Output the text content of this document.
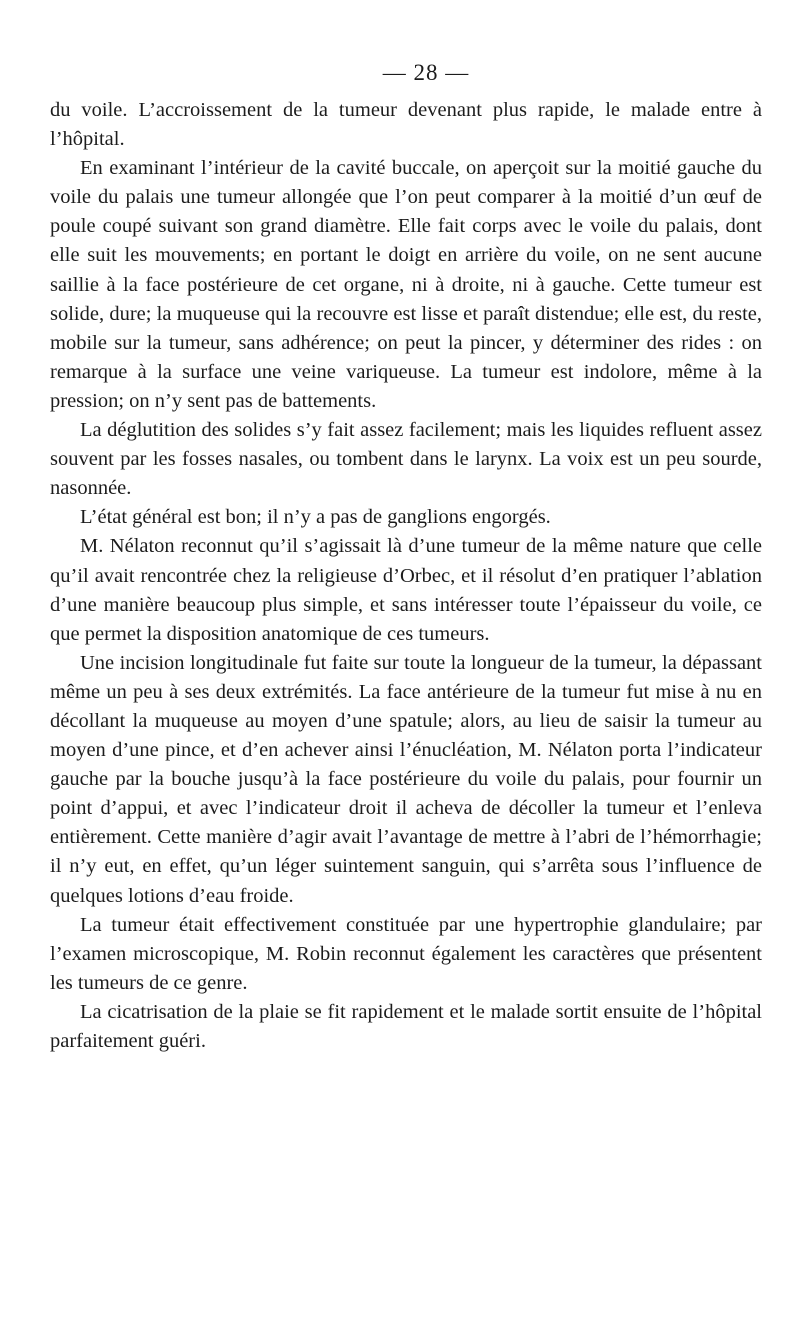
— 28 —

du voile. L’accroissement de la tumeur devenant plus rapide, le malade entre à l’hôpital.

En examinant l’intérieur de la cavité buccale, on aperçoit sur la moitié gauche du voile du palais une tumeur allongée que l’on peut comparer à la moitié d’un œuf de poule coupé suivant son grand diamètre. Elle fait corps avec le voile du palais, dont elle suit les mouvements; en portant le doigt en arrière du voile, on ne sent aucune saillie à la face postérieure de cet organe, ni à droite, ni à gauche. Cette tumeur est solide, dure; la muqueuse qui la recouvre est lisse et paraît distendue; elle est, du reste, mobile sur la tumeur, sans adhérence; on peut la pincer, y déterminer des rides : on remarque à la surface une veine variqueuse. La tumeur est indolore, même à la pression; on n’y sent pas de battements.

La déglutition des solides s’y fait assez facilement; mais les liquides refluent assez souvent par les fosses nasales, ou tombent dans le larynx. La voix est un peu sourde, nasonnée.

L’état général est bon; il n’y a pas de ganglions engorgés.

M. Nélaton reconnut qu’il s’agissait là d’une tumeur de la même nature que celle qu’il avait rencontrée chez la religieuse d’Orbec, et il résolut d’en pratiquer l’ablation d’une manière beaucoup plus simple, et sans intéresser toute l’épaisseur du voile, ce que permet la disposition anatomique de ces tumeurs.

Une incision longitudinale fut faite sur toute la longueur de la tumeur, la dépassant même un peu à ses deux extrémités. La face antérieure de la tumeur fut mise à nu en décollant la muqueuse au moyen d’une spatule; alors, au lieu de saisir la tumeur au moyen d’une pince, et d’en achever ainsi l’énucléation, M. Nélaton porta l’indicateur gauche par la bouche jusqu’à la face postérieure du voile du palais, pour fournir un point d’appui, et avec l’indicateur droit il acheva de décoller la tumeur et l’enleva entièrement. Cette manière d’agir avait l’avantage de mettre à l’abri de l’hémorrhagie; il n’y eut, en effet, qu’un léger suintement sanguin, qui s’arrêta sous l’influence de quelques lotions d’eau froide.

La tumeur était effectivement constituée par une hypertrophie glandulaire; par l’examen microscopique, M. Robin reconnut également les caractères que présentent les tumeurs de ce genre.

La cicatrisation de la plaie se fit rapidement et le malade sortit ensuite de l’hôpital parfaitement guéri.
